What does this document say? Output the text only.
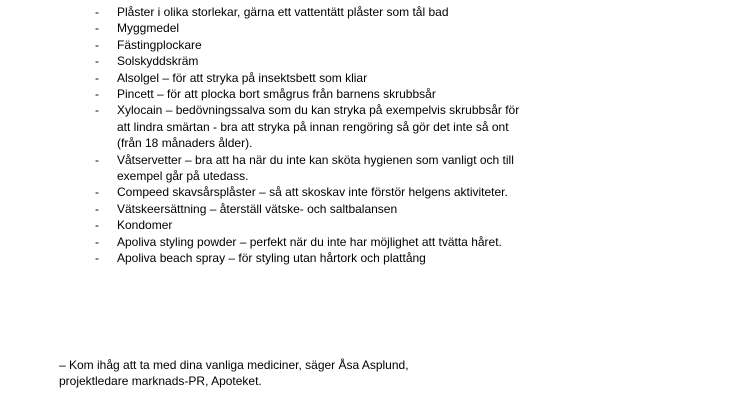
-	Plåster i olika storlekar, gärna ett vattentätt plåster som tål bad
-	Myggmedel
-	Fästingplockare
-	Solskyddskräm
-	Alsolgel – för att stryka på insektsbett som kliar
-	Pincett – för att plocka bort smågrus från barnens skrubbsår
-	Xylocain – bedövningssalva som du kan stryka på exempelvis skrubbsår för att lindra smärtan - bra att stryka på innan rengöring så gör det inte så ont (från 18 månaders ålder).
-	Våtservetter – bra att ha när du inte kan sköta hygienen som vanligt och till exempel går på utedass.
-	Compeed skavsårsplåster – så att skoskav inte förstör helgens aktiviteter.
-	Vätskeersättning – återställ vätske- och saltbalansen
-	Kondomer
-	Apoliva styling powder – perfekt när du inte har möjlighet att tvätta håret.
-	Apoliva beach spray – för styling utan hårtork och plattång

– Kom ihåg att ta med dina vanliga mediciner, säger Åsa Asplund, projektledare marknads-PR, Apoteket.
